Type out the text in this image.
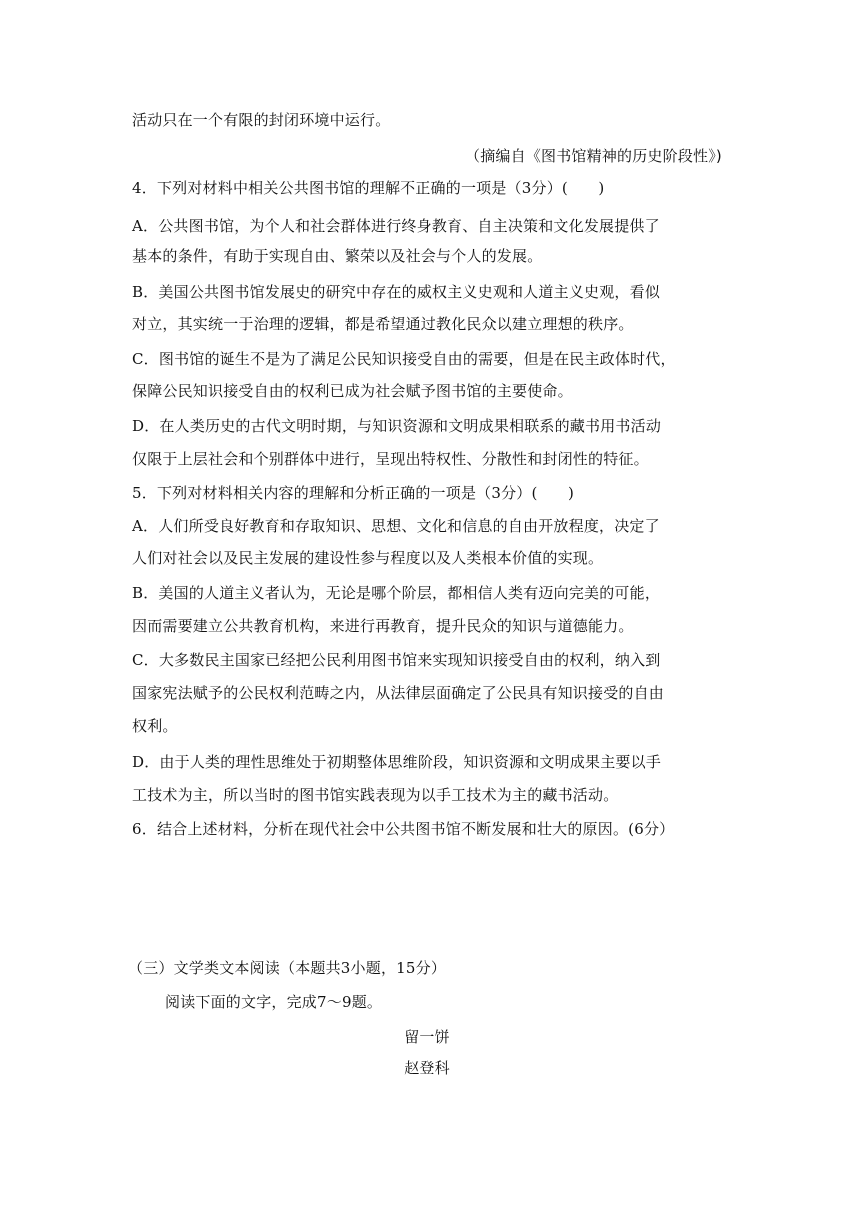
活动只在一个有限的封闭环境中运行。
（摘编自《图书馆精神的历史阶段性》)
4．下列对材料中相关公共图书馆的理解不正确的一项是（3分）(　　)
A．公共图书馆，为个人和社会群体进行终身教育、自主决策和文化发展提供了
基本的条件，有助于实现自由、繁荣以及社会与个人的发展。
B．美国公共图书馆发展史的研究中存在的威权主义史观和人道主义史观，看似
对立，其实统一于治理的逻辑，都是希望通过教化民众以建立理想的秩序。
C．图书馆的诞生不是为了满足公民知识接受自由的需要，但是在民主政体时代，
保障公民知识接受自由的权利已成为社会赋予图书馆的主要使命。
D．在人类历史的古代文明时期，与知识资源和文明成果相联系的藏书用书活动
仅限于上层社会和个别群体中进行，呈现出特权性、分散性和封闭性的特征。
5．下列对材料相关内容的理解和分析正确的一项是（3分）(　　)
A．人们所受良好教育和存取知识、思想、文化和信息的自由开放程度，决定了
人们对社会以及民主发展的建设性参与程度以及人类根本价值的实现。
B．美国的人道主义者认为，无论是哪个阶层，都相信人类有迈向完美的可能，
因而需要建立公共教育机构，来进行再教育，提升民众的知识与道德能力。
C．大多数民主国家已经把公民利用图书馆来实现知识接受自由的权利，纳入到
国家宪法赋予的公民权利范畴之内，从法律层面确定了公民具有知识接受的自由
权利。
D．由于人类的理性思维处于初期整体思维阶段，知识资源和文明成果主要以手
工技术为主，所以当时的图书馆实践表现为以手工技术为主的藏书活动。
6．结合上述材料，分析在现代社会中公共图书馆不断发展和壮大的原因。(6分）
（三）文学类文本阅读（本题共3小题，15分）
阅读下面的文字，完成7～9题。
留一饼
赵登科
